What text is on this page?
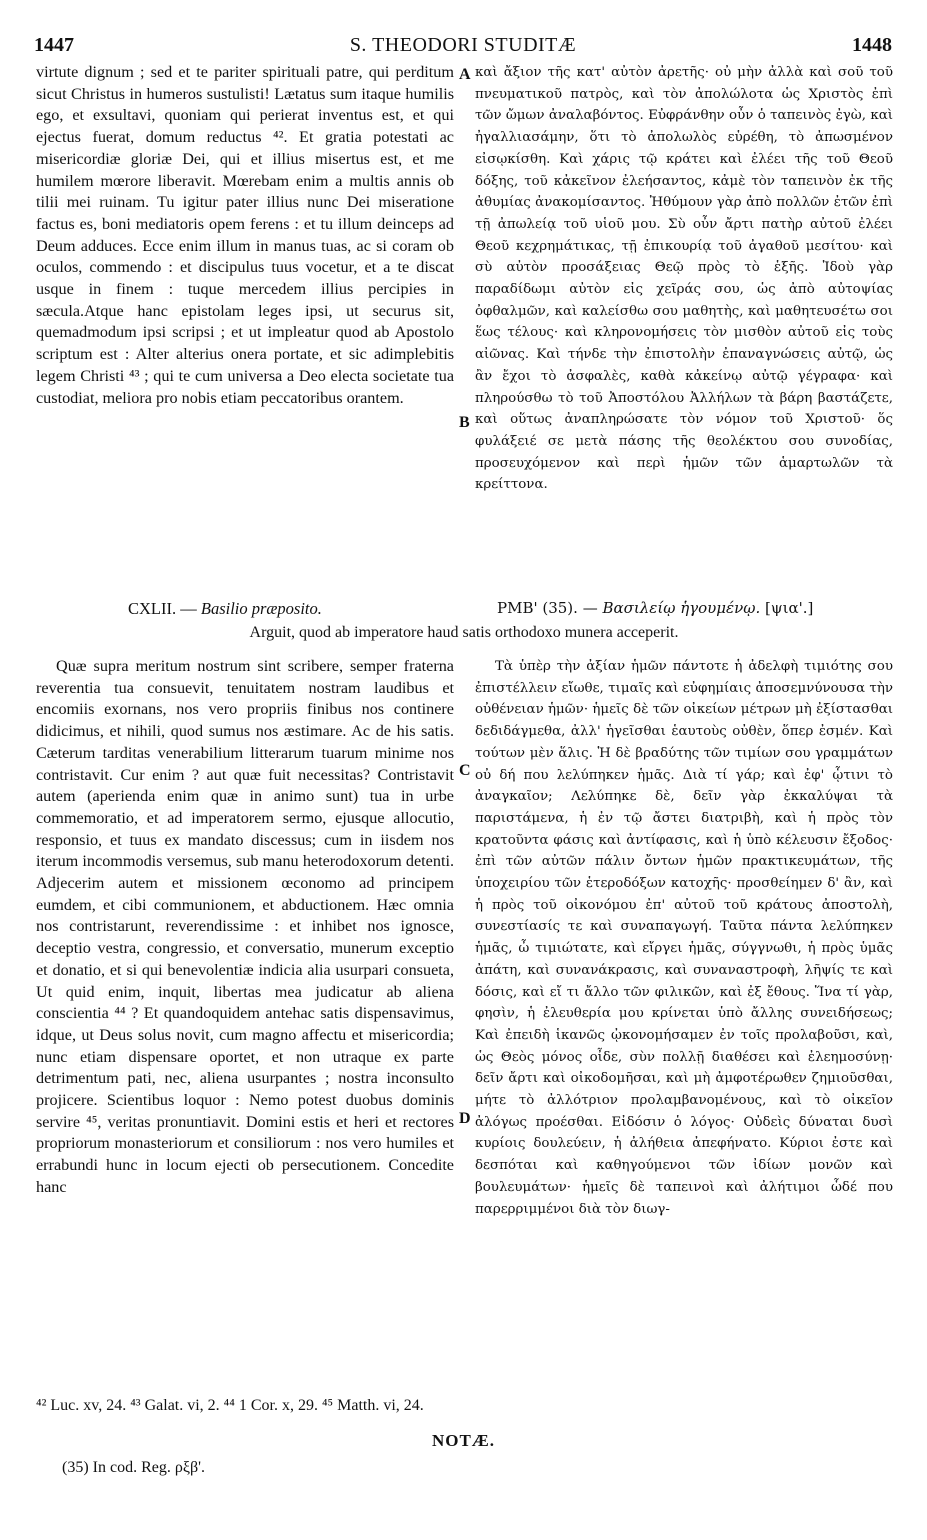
1447	S. THEODORI STUDITÆ	1448
virtute dignum ; sed et te pariter spirituali patre, qui perditum sicut Christus in humeros sustulisti! Lætatus sum itaque humilis ego, et exsultavi, quoniam qui perierat inventus est, et qui ejectus fuerat, domum reductus ⁴². Et gratia potestati ac misericordiæ gloriæ Dei, qui et illius misertus est, et me humilem mœrore liberavit. Mœrebam enim a multis annis ob tilii mei ruinam. Tu igitur pater illius nunc Dei miseratione factus es, boni mediatoris opem ferens : et tu illum deinceps ad Deum adduces. Ecce enim illum in manus tuas, ac si coram ob oculos, commendo : et discipulus tuus vocetur, et a te discat usque in finem : tuque mercedem illius percipies in sæcula.Atque hanc epistolam leges ipsi, ut securus sit, quemadmodum ipsi scripsi ; et ut impleatur quod ab Apostolo scriptum est : Alter alterius onera portate, et sic adimplebitis legem Christi ⁴³ ; qui te cum universa a Deo electa societate tua custodiat, meliora pro nobis etiam peccatoribus orantem.
καὶ ἄξιον τῆς κατ' αὐτὸν ἀρετῆς· οὐ μὴν ἀλλὰ καὶ σοῦ τοῦ πνευματικοῦ πατρὸς, καὶ τὸν ἀπολώλοτα ὡς Χριστὸς ἐπὶ τῶν ὤμων ἀναλαβόντος. Εὐφράνθην οὖν ὁ ταπεινὸς ἐγὼ, καὶ ἠγαλλιασάμην, ὅτι τὸ ἀπολωλὸς εὑρέθη, τὸ ἀπωσμένον εἰσῳκίσθη. Καὶ χάρις τῷ κράτει καὶ ἐλέει τῆς τοῦ Θεοῦ δόξης, τοῦ κἀκεῖνον ἐλεήσαντος, κἀμὲ τὸν ταπεινὸν ἐκ τῆς ἀθυμίας ἀνακομίσαντος. Ἠθύμουν γὰρ ἀπὸ πολλῶν ἐτῶν ἐπὶ τῇ ἀπωλείᾳ τοῦ υἱοῦ μου. Σὺ οὖν ἄρτι πατὴρ αὐτοῦ ἐλέει Θεοῦ κεχρημάτικας, τῇ ἐπικουρίᾳ τοῦ ἀγαθοῦ μεσίτου· καὶ σὺ αὐτὸν προσάξειας Θεῷ πρὸς τὸ ἑξῆς. Ἰδοὺ γὰρ παραδίδωμι αὐτὸν εἰς χεῖράς σου, ὡς ἀπὸ αὐτοψίας ὀφθαλμῶν, καὶ καλείσθω σου μαθητὴς, καὶ μαθητευσέτω σοι ἕως τέλους· καὶ κληρονομήσεις τὸν μισθὸν αὐτοῦ εἰς τοὺς αἰῶνας. Καὶ τήνδε τὴν ἐπιστολὴν ἐπαναγνώσεις αὐτῷ, ὡς ἂν ἔχοι τὸ ἀσφαλὲς, καθὰ κἀκείνῳ αὐτῷ γέγραφα· καὶ πληρούσθω τὸ τοῦ Ἀποστόλου Ἀλλήλων τὰ βάρη βαστάζετε, καὶ οὕτως ἀναπληρώσατε τὸν νόμον τοῦ Χριστοῦ· ὅς φυλάξειέ σε μετὰ πάσης τῆς θεολέκτου σου συνοδίας, προσευχόμενον καὶ περὶ ἡμῶν τῶν ἁμαρτωλῶν τὰ κρείττονα.
A
B
C
D
CXLII. — Basilio præposito.	ΡΜΒ' (35). — Βασιλείῳ ἡγουμένῳ. [ψια'.]
Arguit, quod ab imperatore haud satis orthodoxo munera acceperit.
Quæ supra meritum nostrum sint scribere, semper fraterna reverentia tua consuevit, tenuitatem nostram laudibus et encomiis exornans, nos vero propriis finibus nos continere didicimus, et nihili, quod sumus nos æstimare. Ac de his satis. Cæterum tarditas venerabilium litterarum tuarum minime nos contristavit. Cur enim ? aut quæ fuit necessitas? Contristavit autem (aperienda enim quæ in animo sunt) tua in urbe commemoratio, et ad imperatorem sermo, ejusque allocutio, responsio, et tuus ex mandato discessus; cum in iisdem nos iterum incommodis versemus, sub manu heterodoxorum detenti. Adjecerim autem et missionem œconomo ad principem eumdem, et cibi communionem, et abductionem. Hæc omnia nos contristarunt, reverendissime : et inhibet nos ignosce, deceptio vestra, congressio, et conversatio, munerum exceptio et donatio, et si qui benevolentiæ indicia alia usurpari consueta, Ut quid enim, inquit, libertas mea judicatur ab aliena conscientia ⁴⁴ ? Et quandoquidem antehac satis dispensavimus, idque, ut Deus solus novit, cum magno affectu et misericordia; nunc etiam dispensare oportet, et non utraque ex parte detrimentum pati, nec, aliena usurpantes ; nostra inconsulto projicere. Scientibus loquor : Nemo potest duobus dominis servire ⁴⁵, veritas pronuntiavit. Domini estis et heri et rectores propriorum monasteriorum et consiliorum : nos vero humiles et errabundi hunc in locum ejecti ob persecutionem. Concedite hanc
Τὰ ὑπὲρ τὴν ἀξίαν ἡμῶν πάντοτε ἡ ἀδελφὴ τιμιότης σου ἐπιστέλλειν εἴωθε, τιμαῖς καὶ εὐφημίαις ἀποσεμνύνουσα τὴν οὐθένειαν ἡμῶν· ἡμεῖς δὲ τῶν οἰκείων μέτρων μὴ ἐξίστασθαι δεδιδάγμεθα, ἀλλ' ἡγεῖσθαι ἑαυτοὺς οὐθὲν, ὅπερ ἐσμέν. Καὶ τούτων μὲν ἅλις. Ἡ δὲ βραδύτης τῶν τιμίων σου γραμμάτων οὐ δή που λελύπηκεν ἡμᾶς. Διὰ τί γάρ; καὶ ἐφ' ᾧτινι τὸ ἀναγκαῖον; Λελύπηκε δὲ, δεῖν γὰρ ἐκκαλύψαι τὰ παριστάμενα, ἡ ἐν τῷ ἄστει διατριβὴ, καὶ ἡ πρὸς τὸν κρατοῦντα φάσις καὶ ἀντίφασις, καὶ ἡ ὑπὸ κέλευσιν ἔξοδος· ἐπὶ τῶν αὐτῶν πάλιν ὄντων ἡμῶν πρακτικευμάτων, τῆς ὑποχειρίου τῶν ἑτεροδόξων κατοχῆς· προσθείημεν δ' ἂν, καὶ ἡ πρὸς τοῦ οἰκονόμου ἐπ' αὐτοῦ τοῦ κράτους ἀποστολὴ, συνεστίασίς τε καὶ συναπαγωγή. Ταῦτα πάντα λελύπηκεν ἡμᾶς, ὦ τιμιώτατε, καὶ εἴργει ἡμᾶς, σύγγνωθι, ἡ πρὸς ὑμᾶς ἀπάτη, καὶ συνανάκρασις, καὶ συναναστροφὴ, λῆψίς τε καὶ δόσις, καὶ εἴ τι ἄλλο τῶν φιλικῶν, καὶ ἐξ ἔθους. Ἵνα τί γὰρ, φησὶν, ἡ ἐλευθερία μου κρίνεται ὑπὸ ἄλλης συνειδήσεως; Καὶ ἐπειδὴ ἱκανῶς ᾠκονομήσαμεν ἐν τοῖς προλαβοῦσι, καὶ, ὡς Θεὸς μόνος οἶδε, σὺν πολλῇ διαθέσει καὶ ἐλεημοσύνῃ· δεῖν ἄρτι καὶ οἰκοδομῆσαι, καὶ μὴ ἀμφοτέρωθεν ζημιοῦσθαι, μήτε τὸ ἀλλότριον προλαμβανομένους, καὶ τὸ οἰκεῖον ἀλόγως προέσθαι. Εἰδόσιν ὁ λόγος· Οὐδεὶς δύναται δυσὶ κυρίοις δουλεύειν, ἡ ἀλήθεια ἀπεφήνατο. Κύριοι ἐστε καὶ δεσπόται καὶ καθηγούμενοι τῶν ἰδίων μονῶν καὶ βουλευμάτων· ἡμεῖς δὲ ταπεινοὶ καὶ ἀλήτιμοι ὧδέ που παρερριμμένοι διὰ τὸν διωγ-
⁴² Luc. xv, 24. ⁴³ Galat. vi, 2. ⁴⁴ 1 Cor. x, 29. ⁴⁵ Matth. vi, 24.
NOTÆ.
(35) In cod. Reg. ρξβ'.
